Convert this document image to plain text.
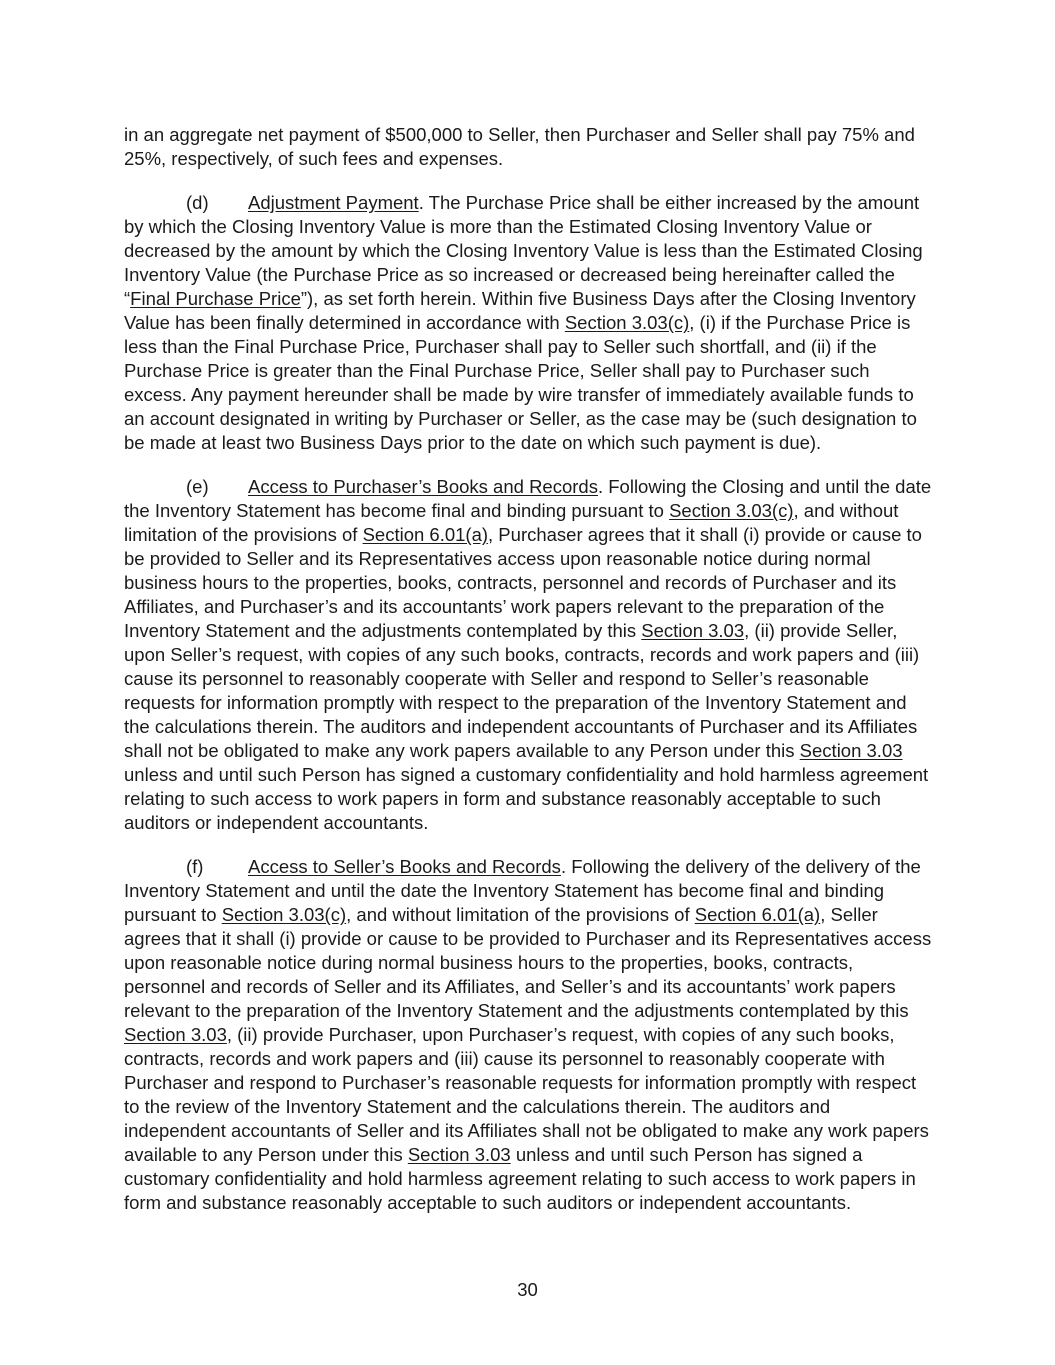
in an aggregate net payment of $500,000 to Seller, then Purchaser and Seller shall pay 75% and 25%, respectively, of such fees and expenses.

(d) Adjustment Payment. The Purchase Price shall be either increased by the amount by which the Closing Inventory Value is more than the Estimated Closing Inventory Value or decreased by the amount by which the Closing Inventory Value is less than the Estimated Closing Inventory Value (the Purchase Price as so increased or decreased being hereinafter called the “Final Purchase Price”), as set forth herein. Within five Business Days after the Closing Inventory Value has been finally determined in accordance with Section 3.03(c), (i) if the Purchase Price is less than the Final Purchase Price, Purchaser shall pay to Seller such shortfall, and (ii) if the Purchase Price is greater than the Final Purchase Price, Seller shall pay to Purchaser such excess. Any payment hereunder shall be made by wire transfer of immediately available funds to an account designated in writing by Purchaser or Seller, as the case may be (such designation to be made at least two Business Days prior to the date on which such payment is due).

(e) Access to Purchaser’s Books and Records. Following the Closing and until the date the Inventory Statement has become final and binding pursuant to Section 3.03(c), and without limitation of the provisions of Section 6.01(a), Purchaser agrees that it shall (i) provide or cause to be provided to Seller and its Representatives access upon reasonable notice during normal business hours to the properties, books, contracts, personnel and records of Purchaser and its Affiliates, and Purchaser’s and its accountants’ work papers relevant to the preparation of the Inventory Statement and the adjustments contemplated by this Section 3.03, (ii) provide Seller, upon Seller’s request, with copies of any such books, contracts, records and work papers and (iii) cause its personnel to reasonably cooperate with Seller and respond to Seller’s reasonable requests for information promptly with respect to the preparation of the Inventory Statement and the calculations therein. The auditors and independent accountants of Purchaser and its Affiliates shall not be obligated to make any work papers available to any Person under this Section 3.03 unless and until such Person has signed a customary confidentiality and hold harmless agreement relating to such access to work papers in form and substance reasonably acceptable to such auditors or independent accountants.

(f) Access to Seller’s Books and Records. Following the delivery of the delivery of the Inventory Statement and until the date the Inventory Statement has become final and binding pursuant to Section 3.03(c), and without limitation of the provisions of Section 6.01(a), Seller agrees that it shall (i) provide or cause to be provided to Purchaser and its Representatives access upon reasonable notice during normal business hours to the properties, books, contracts, personnel and records of Seller and its Affiliates, and Seller’s and its accountants’ work papers relevant to the preparation of the Inventory Statement and the adjustments contemplated by this Section 3.03, (ii) provide Purchaser, upon Purchaser’s request, with copies of any such books, contracts, records and work papers and (iii) cause its personnel to reasonably cooperate with Purchaser and respond to Purchaser’s reasonable requests for information promptly with respect to the review of the Inventory Statement and the calculations therein. The auditors and independent accountants of Seller and its Affiliates shall not be obligated to make any work papers available to any Person under this Section 3.03 unless and until such Person has signed a customary confidentiality and hold harmless agreement relating to such access to work papers in form and substance reasonably acceptable to such auditors or independent accountants.

30
